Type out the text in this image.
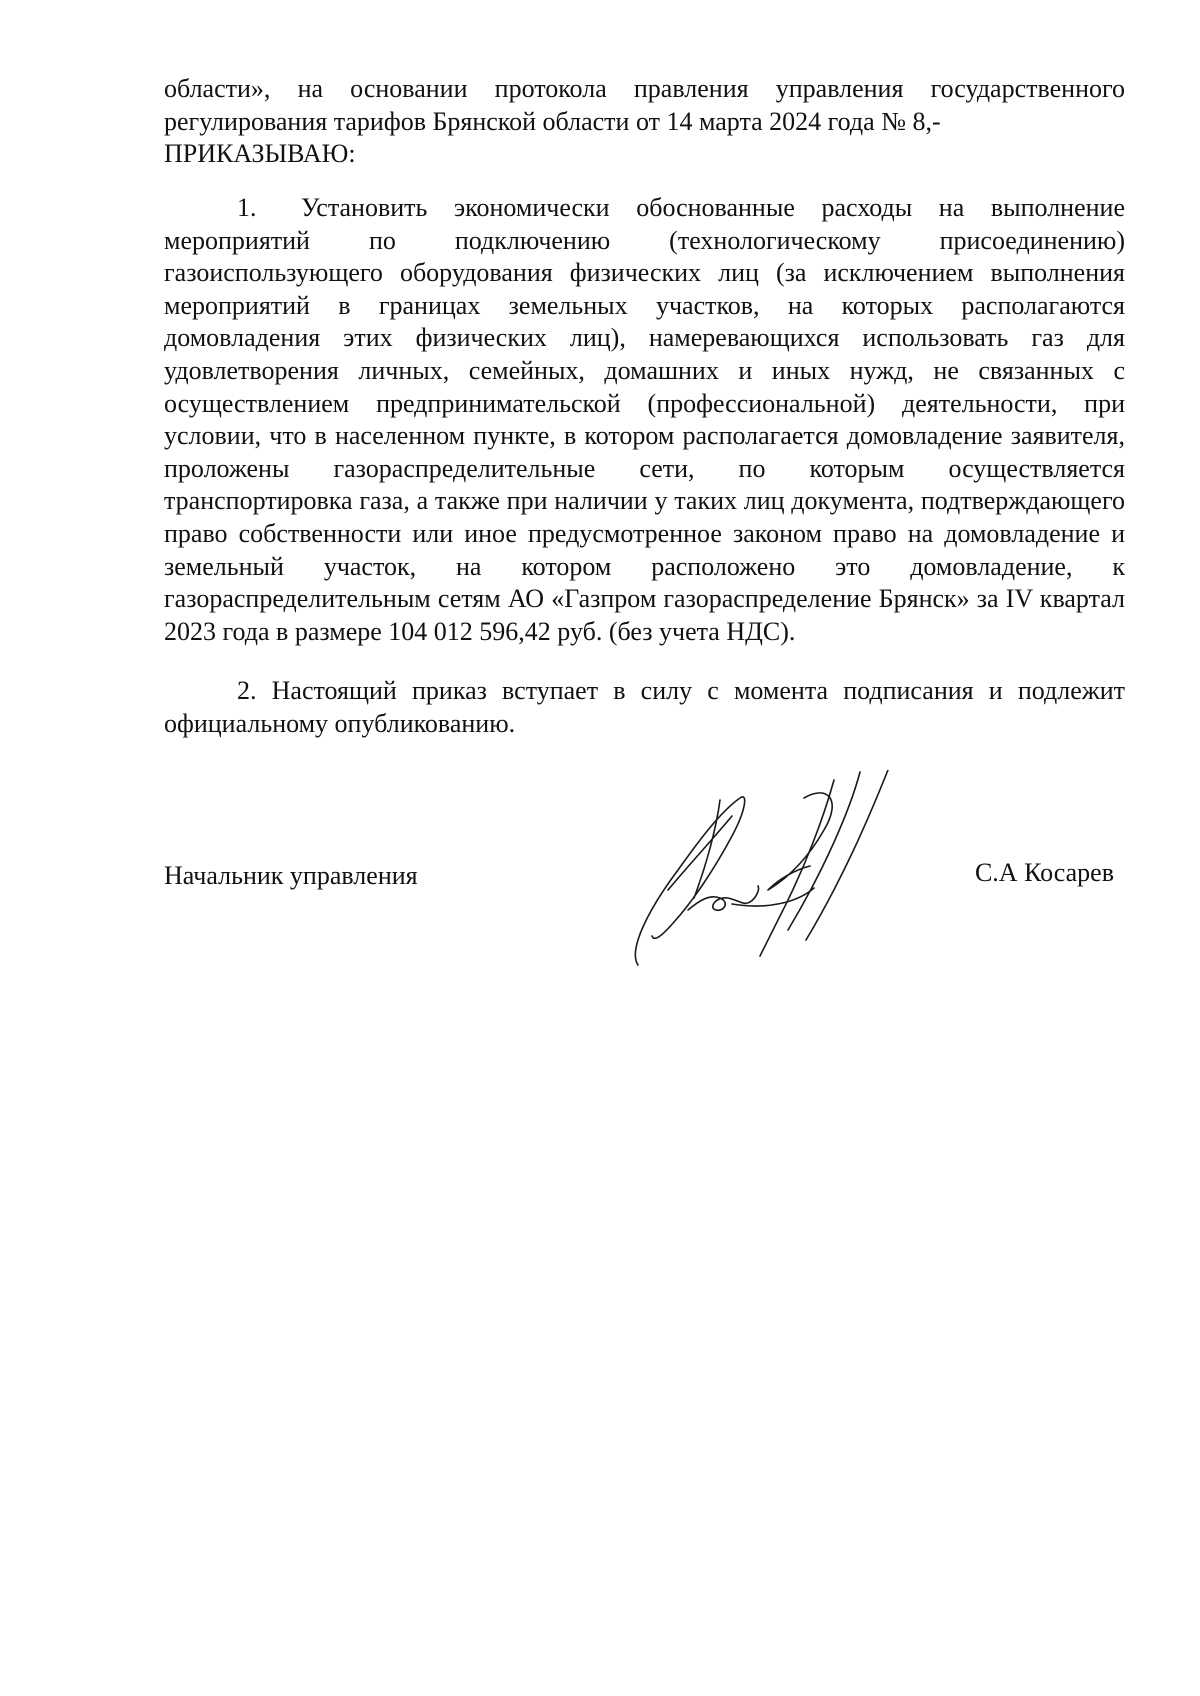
области», на основании протокола правления управления государственного
регулирования тарифов Брянской области от 14 марта 2024 года № 8,-
ПРИКАЗЫВАЮ:
1. Установить экономически обоснованные расходы на выполнение мероприятий по подключению (технологическому присоединению) газоиспользующего оборудования физических лиц (за исключением выполнения мероприятий в границах земельных участков, на которых располагаются домовладения этих физических лиц), намеревающихся использовать газ для удовлетворения личных, семейных, домашних и иных нужд, не связанных с осуществлением предпринимательской (профессиональной) деятельности, при условии, что в населенном пункте, в котором располагается домовладение заявителя, проложены газораспределительные сети, по которым осуществляется транспортировка газа, а также при наличии у таких лиц документа, подтверждающего право собственности или иное предусмотренное законом право на домовладение и земельный участок, на котором расположено это домовладение, к газораспределительным сетям АО «Газпром газораспределение Брянск» за IV квартал 2023 года в размере 104 012 596,42 руб. (без учета НДС).
2. Настоящий приказ вступает в силу с момента подписания и подлежит официальному опубликованию.
Начальник управления	С.А Косарев
